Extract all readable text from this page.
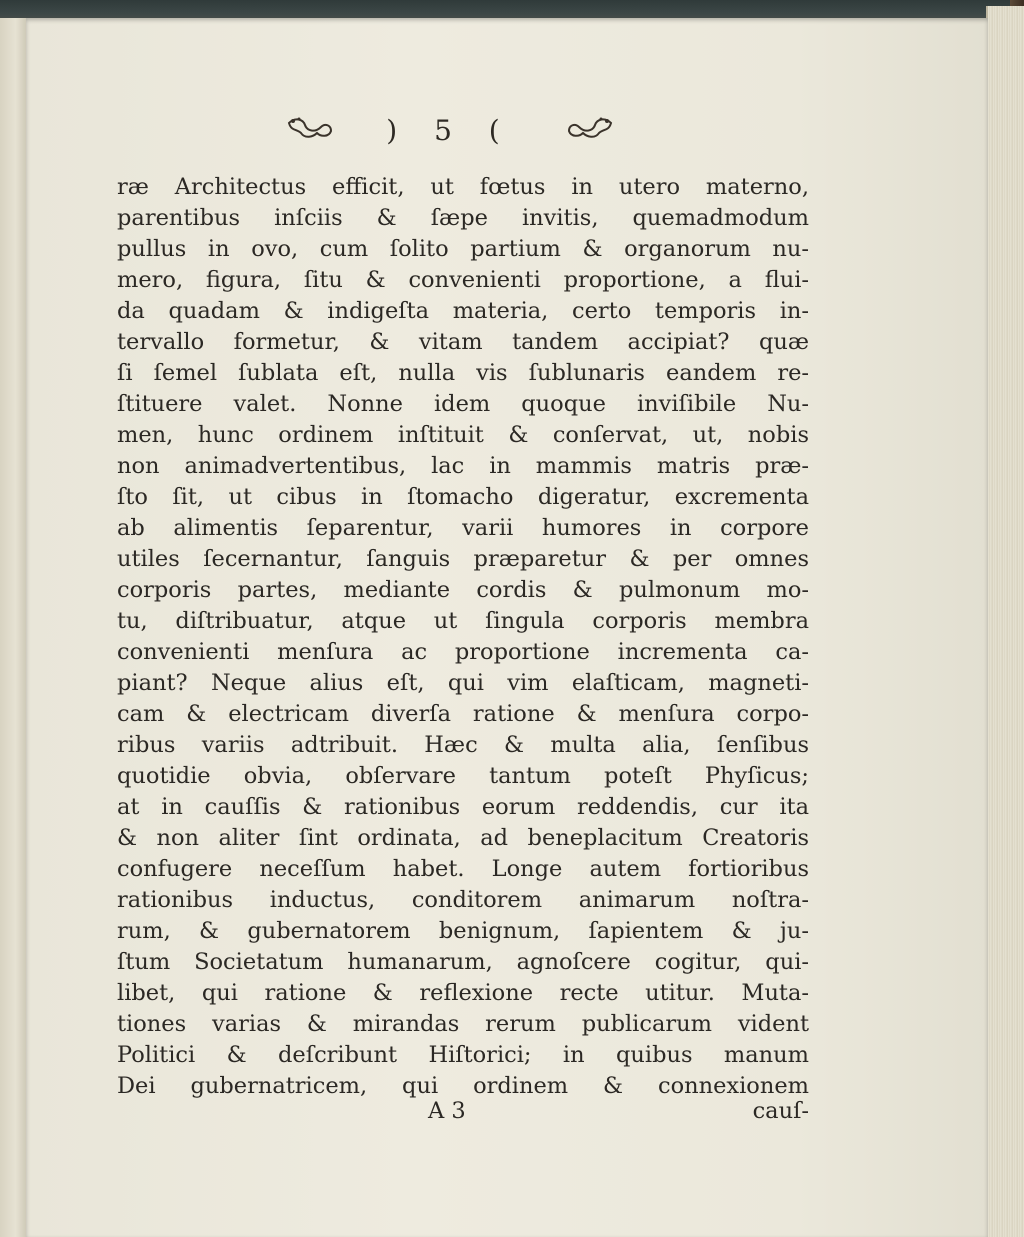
) 5 (
ræ Architectus efficit, ut fœtus in utero materno,
parentibus inſciis & ſæpe invitis, quemadmodum
pullus in ovo, cum ſolito partium & organorum nu-
mero, figura, ſitu & convenienti proportione, a flui-
da quadam & indigeſta materia, certo temporis in-
tervallo formetur, & vitam tandem accipiat? quæ
ſi ſemel ſublata eſt, nulla vis ſublunaris eandem re-
ſtituere valet. Nonne idem quoque inviſibile Nu-
men, hunc ordinem inſtituit & conſervat, ut, nobis
non animadvertentibus, lac in mammis matris præ-
ſto ſit, ut cibus in ſtomacho digeratur, excrementa
ab alimentis ſeparentur, varii humores in corpore
utiles ſecernantur, ſanguis præparetur & per omnes
corporis partes, mediante cordis & pulmonum mo-
tu, diſtribuatur, atque ut ſingula corporis membra
convenienti menſura ac proportione incrementa ca-
piant? Neque alius eſt, qui vim elaſticam, magneti-
cam & electricam diverſa ratione & menſura corpo-
ribus variis adtribuit. Hæc & multa alia, ſenſibus
quotidie obvia, obſervare tantum poteſt Phyſicus;
at in cauſſis & rationibus eorum reddendis, cur ita
& non aliter ſint ordinata, ad beneplacitum Creatoris
confugere neceſſum habet. Longe autem fortioribus
rationibus inductus, conditorem animarum noſtra-
rum, & gubernatorem benignum, ſapientem & ju-
ſtum Societatum humanarum, agnoſcere cogitur, qui-
libet, qui ratione & reflexione recte utitur. Muta-
tiones varias & mirandas rerum publicarum vident
Politici & deſcribunt Hiſtorici; in quibus manum
Dei gubernatricem, qui ordinem & connexionem
A 3	cauſ-
